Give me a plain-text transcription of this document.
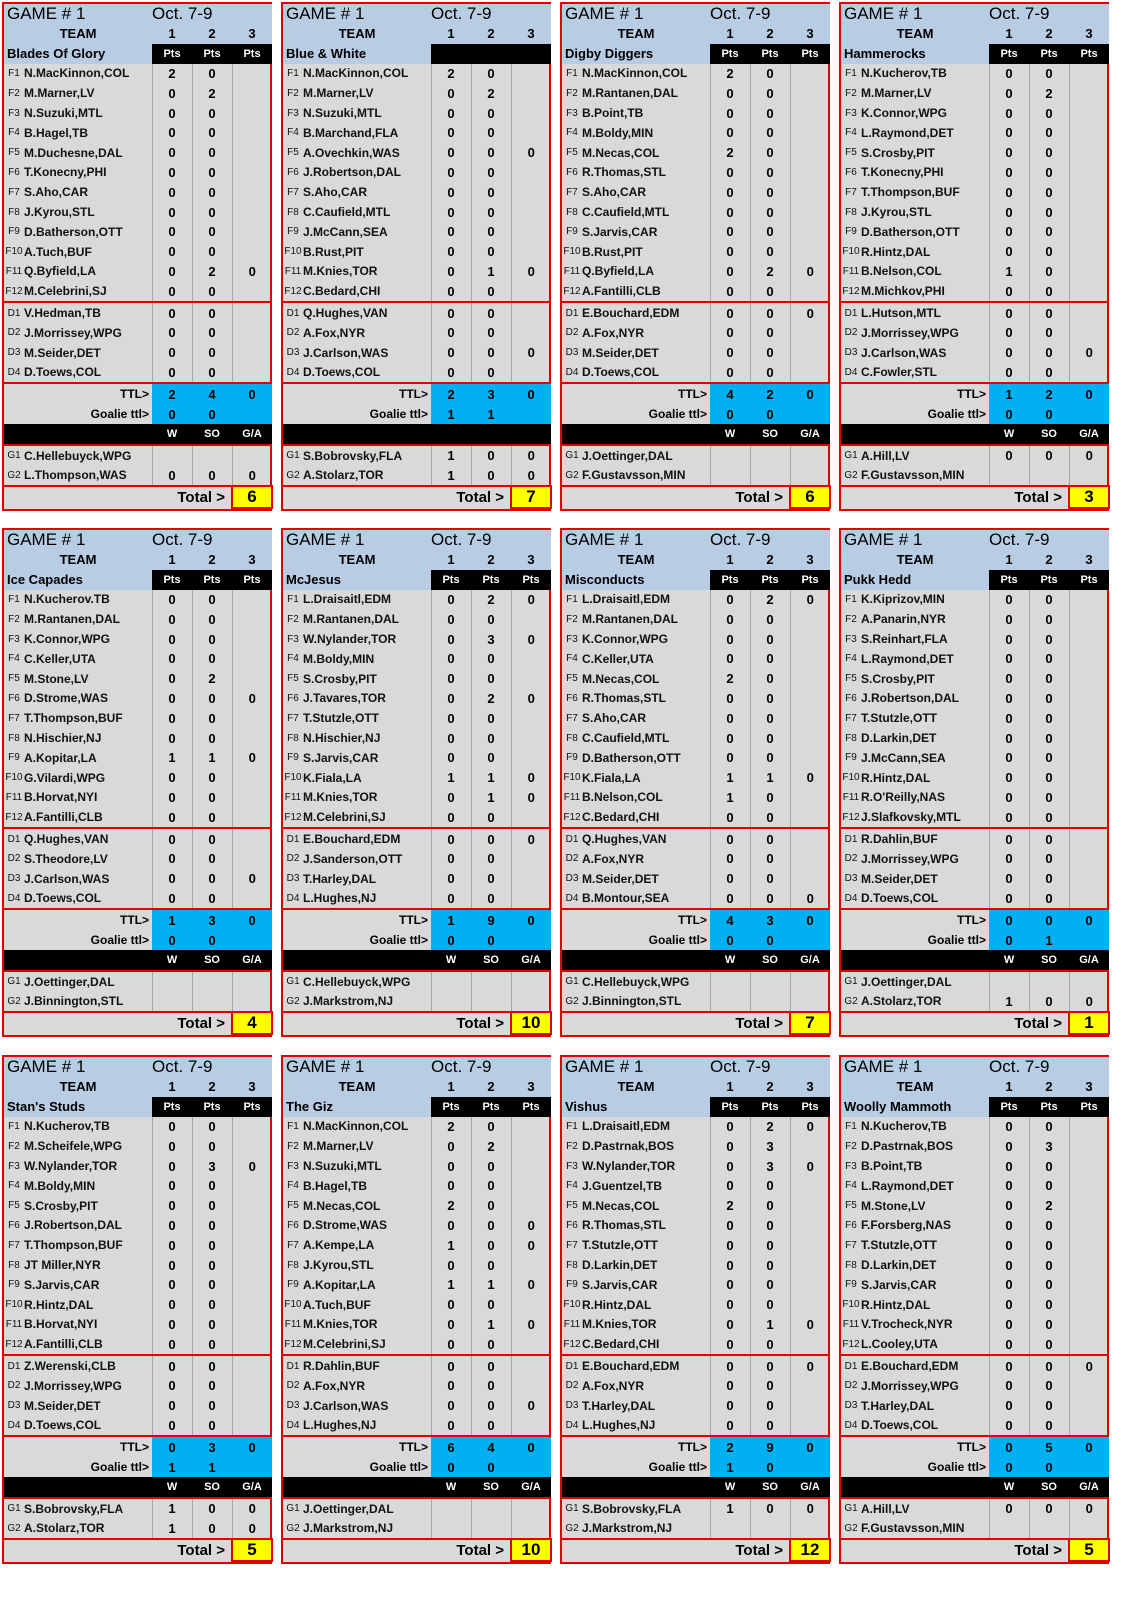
GAME # 1		Oct. 7-9		
TEAM		1	2	3
Blades Of Glory		Pts	Pts	Pts
F1	N.MacKinnon,COL	2	0	
F2	M.Marner,LV	0	2	
F3	N.Suzuki,MTL	0	0	
F4	B.Hagel,TB	0	0	
F5	M.Duchesne,DAL	0	0	
F6	T.Konecny,PHI	0	0	
F7	S.Aho,CAR	0	0	
F8	J.Kyrou,STL	0	0	
F9	D.Batherson,OTT	0	0	
F10	A.Tuch,BUF	0	0	
F11	Q.Byfield,LA	0	2	0
F12	M.Celebrini,SJ	0	0	
D1	V.Hedman,TB	0	0	
D2	J.Morrissey,WPG	0	0	
D3	M.Seider,DET	0	0	
D4	D.Toews,COL	0	0	
TTL>		2	4	0
Goalie ttl>		0	0	
		W	SO	G/A
G1	C.Hellebuyck,WPG			
G2	L.Thompson,WAS	0	0	0
Total >				6
GAME # 1		Oct. 7-9		
TEAM		1	2	3
Blue & White				
F1	N.MacKinnon,COL	2	0	
F2	M.Marner,LV	0	2	
F3	N.Suzuki,MTL	0	0	
F4	B.Marchand,FLA	0	0	
F5	A.Ovechkin,WAS	0	0	0
F6	J.Robertson,DAL	0	0	
F7	S.Aho,CAR	0	0	
F8	C.Caufield,MTL	0	0	
F9	J.McCann,SEA	0	0	
F10	B.Rust,PIT	0	0	
F11	M.Knies,TOR	0	1	0
F12	C.Bedard,CHI	0	0	
D1	Q.Hughes,VAN	0	0	
D2	A.Fox,NYR	0	0	
D3	J.Carlson,WAS	0	0	0
D4	D.Toews,COL	0	0	
TTL>		2	3	0
Goalie ttl>		1	1	

G1	S.Bobrovsky,FLA	1	0	0
G2	A.Stolarz,TOR	1	0	0
Total >				7
GAME # 1		Oct. 7-9		
TEAM		1	2	3
Digby Diggers		Pts	Pts	Pts
F1	N.MacKinnon,COL	2	0	
F2	M.Rantanen,DAL	0	0	
F3	B.Point,TB	0	0	
F4	M.Boldy,MIN	0	0	
F5	M.Necas,COL	2	0	
F6	R.Thomas,STL	0	0	
F7	S.Aho,CAR	0	0	
F8	C.Caufield,MTL	0	0	
F9	S.Jarvis,CAR	0	0	
F10	B.Rust,PIT	0	0	
F11	Q.Byfield,LA	0	2	0
F12	A.Fantilli,CLB	0	0	
D1	E.Bouchard,EDM	0	0	0
D2	A.Fox,NYR	0	0	
D3	M.Seider,DET	0	0	
D4	D.Toews,COL	0	0	
TTL>		4	2	0
Goalie ttl>		0	0	
		W	SO	G/A
G1	J.Oettinger,DAL			
G2	F.Gustavsson,MIN			
Total >				6
GAME # 1		Oct. 7-9		
TEAM		1	2	3
Hammerocks		Pts	Pts	Pts
F1	N.Kucherov,TB	0	0	
F2	M.Marner,LV	0	2	
F3	K.Connor,WPG	0	0	
F4	L.Raymond,DET	0	0	
F5	S.Crosby,PIT	0	0	
F6	T.Konecny,PHI	0	0	
F7	T.Thompson,BUF	0	0	
F8	J.Kyrou,STL	0	0	
F9	D.Batherson,OTT	0	0	
F10	R.Hintz,DAL	0	0	
F11	B.Nelson,COL	1	0	
F12	M.Michkov,PHI	0	0	
D1	L.Hutson,MTL	0	0	
D2	J.Morrissey,WPG	0	0	
D3	J.Carlson,WAS	0	0	0
D4	C.Fowler,STL	0	0	
TTL>		1	2	0
Goalie ttl>		0	0	
		W	SO	G/A
G1	A.Hill,LV	0	0	0
G2	F.Gustavsson,MIN			
Total >				3
GAME # 1		Oct. 7-9		
TEAM		1	2	3
Ice Capades		Pts	Pts	Pts
F1	N.Kucherov.TB	0	0	
F2	M.Rantanen,DAL	0	0	
F3	K.Connor,WPG	0	0	
F4	C.Keller,UTA	0	0	
F5	M.Stone,LV	0	2	
F6	D.Strome,WAS	0	0	0
F7	T.Thompson,BUF	0	0	
F8	N.Hischier,NJ	0	0	
F9	A.Kopitar,LA	1	1	0
F10	G.Vilardi,WPG	0	0	
F11	B.Horvat,NYI	0	0	
F12	A.Fantilli,CLB	0	0	
D1	Q.Hughes,VAN	0	0	
D2	S.Theodore,LV	0	0	
D3	J.Carlson,WAS	0	0	0
D4	D.Toews,COL	0	0	
TTL>		1	3	0
Goalie ttl>		0	0	
		W	SO	G/A
G1	J.Oettinger,DAL			
G2	J.Binnington,STL			
Total >				4
GAME # 1		Oct. 7-9		
TEAM		1	2	3
McJesus		Pts	Pts	Pts
F1	L.Draisaitl,EDM	0	2	0
F2	M.Rantanen,DAL	0	0	
F3	W.Nylander,TOR	0	3	0
F4	M.Boldy,MIN	0	0	
F5	S.Crosby,PIT	0	0	
F6	J.Tavares,TOR	0	2	0
F7	T.Stutzle,OTT	0	0	
F8	N.Hischier,NJ	0	0	
F9	S.Jarvis,CAR	0	0	
F10	K.Fiala,LA	1	1	0
F11	M.Knies,TOR	0	1	0
F12	M.Celebrini,SJ	0	0	
D1	E.Bouchard,EDM	0	0	0
D2	J.Sanderson,OTT	0	0	
D3	T.Harley,DAL	0	0	
D4	L.Hughes,NJ	0	0	
TTL>		1	9	0
Goalie ttl>		0	0	
		W	SO	G/A
G1	C.Hellebuyck,WPG			
G2	J.Markstrom,NJ			
Total >				10
GAME # 1		Oct. 7-9		
TEAM		1	2	3
Misconducts		Pts	Pts	Pts
F1	L.Draisaitl,EDM	0	2	0
F2	M.Rantanen,DAL	0	0	
F3	K.Connor,WPG	0	0	
F4	C.Keller,UTA	0	0	
F5	M.Necas,COL	2	0	
F6	R.Thomas,STL	0	0	
F7	S.Aho,CAR	0	0	
F8	C.Caufield,MTL	0	0	
F9	D.Batherson,OTT	0	0	
F10	K.Fiala,LA	1	1	0
F11	B.Nelson,COL	1	0	
F12	C.Bedard,CHI	0	0	
D1	Q.Hughes,VAN	0	0	
D2	A.Fox,NYR	0	0	
D3	M.Seider,DET	0	0	
D4	B.Montour,SEA	0	0	0
TTL>		4	3	0
Goalie ttl>		0	0	
		W	SO	G/A
G1	C.Hellebuyck,WPG			
G2	J.Binnington,STL			
Total >				7
GAME # 1		Oct. 7-9		
TEAM		1	2	3
Pukk Hedd		Pts	Pts	Pts
F1	K.Kiprizov,MIN	0	0	
F2	A.Panarin,NYR	0	0	
F3	S.Reinhart,FLA	0	0	
F4	L.Raymond,DET	0	0	
F5	S.Crosby,PIT	0	0	
F6	J.Robertson,DAL	0	0	
F7	T.Stutzle,OTT	0	0	
F8	D.Larkin,DET	0	0	
F9	J.McCann,SEA	0	0	
F10	R.Hintz,DAL	0	0	
F11	R.O'Reilly,NAS	0	0	
F12	J.Slafkovsky,MTL	0	0	
D1	R.Dahlin,BUF	0	0	
D2	J.Morrissey,WPG	0	0	
D3	M.Seider,DET	0	0	
D4	D.Toews,COL	0	0	
TTL>		0	0	0
Goalie ttl>		0	1	
		W	SO	G/A
G1	J.Oettinger,DAL			
G2	A.Stolarz,TOR	1	0	0
Total >				1
GAME # 1		Oct. 7-9		
TEAM		1	2	3
Stan's Studs		Pts	Pts	Pts
F1	N.Kucherov,TB	0	0	
F2	M.Scheifele,WPG	0	0	
F3	W.Nylander,TOR	0	3	0
F4	M.Boldy,MIN	0	0	
F5	S.Crosby,PIT	0	0	
F6	J.Robertson,DAL	0	0	
F7	T.Thompson,BUF	0	0	
F8	JT Miller,NYR	0	0	
F9	S.Jarvis,CAR	0	0	
F10	R.Hintz,DAL	0	0	
F11	B.Horvat,NYI	0	0	
F12	A.Fantilli,CLB	0	0	
D1	Z.Werenski,CLB	0	0	
D2	J.Morrissey,WPG	0	0	
D3	M.Seider,DET	0	0	
D4	D.Toews,COL	0	0	
TTL>		0	3	0
Goalie ttl>		1	1	
		W	SO	G/A
G1	S.Bobrovsky,FLA	1	0	0
G2	A.Stolarz,TOR	1	0	0
Total >				5
GAME # 1		Oct. 7-9		
TEAM		1	2	3
The Giz		Pts	Pts	Pts
F1	N.MacKinnon,COL	2	0	
F2	M.Marner,LV	0	2	
F3	N.Suzuki,MTL	0	0	
F4	B.Hagel,TB	0	0	
F5	M.Necas,COL	2	0	
F6	D.Strome,WAS	0	0	0
F7	A.Kempe,LA	1	0	0
F8	J.Kyrou,STL	0	0	
F9	A.Kopitar,LA	1	1	0
F10	A.Tuch,BUF	0	0	
F11	M.Knies,TOR	0	1	0
F12	M.Celebrini,SJ	0	0	
D1	R.Dahlin,BUF	0	0	
D2	A.Fox,NYR	0	0	
D3	J.Carlson,WAS	0	0	0
D4	L.Hughes,NJ	0	0	
TTL>		6	4	0
Goalie ttl>		0	0	
		W	SO	G/A
G1	J.Oettinger,DAL			
G2	J.Markstrom,NJ			
Total >				10
GAME # 1		Oct. 7-9		
TEAM		1	2	3
Vishus		Pts	Pts	Pts
F1	L.Draisaitl,EDM	0	2	0
F2	D.Pastrnak,BOS	0	3	
F3	W.Nylander,TOR	0	3	0
F4	J.Guentzel,TB	0	0	
F5	M.Necas,COL	2	0	
F6	R.Thomas,STL	0	0	
F7	T.Stutzle,OTT	0	0	
F8	D.Larkin,DET	0	0	
F9	S.Jarvis,CAR	0	0	
F10	R.Hintz,DAL	0	0	
F11	M.Knies,TOR	0	1	0
F12	C.Bedard,CHI	0	0	
D1	E.Bouchard,EDM	0	0	0
D2	A.Fox,NYR	0	0	
D3	T.Harley,DAL	0	0	
D4	L.Hughes,NJ	0	0	
TTL>		2	9	0
Goalie ttl>		1	0	
		W	SO	G/A
G1	S.Bobrovsky,FLA	1	0	0
G2	J.Markstrom,NJ			
Total >				12
GAME # 1		Oct. 7-9		
TEAM		1	2	3
Woolly Mammoth		Pts	Pts	Pts
F1	N.Kucherov,TB	0	0	
F2	D.Pastrnak,BOS	0	3	
F3	B.Point,TB	0	0	
F4	L.Raymond,DET	0	0	
F5	M.Stone,LV	0	2	
F6	F.Forsberg,NAS	0	0	
F7	T.Stutzle,OTT	0	0	
F8	D.Larkin,DET	0	0	
F9	S.Jarvis,CAR	0	0	
F10	R.Hintz,DAL	0	0	
F11	V.Trocheck,NYR	0	0	
F12	L.Cooley,UTA	0	0	
D1	E.Bouchard,EDM	0	0	0
D2	J.Morrissey,WPG	0	0	
D3	T.Harley,DAL	0	0	
D4	D.Toews,COL	0	0	
TTL>		0	5	0
Goalie ttl>		0	0	
		W	SO	G/A
G1	A.Hill,LV	0	0	0
G2	F.Gustavsson,MIN			
Total >				5
